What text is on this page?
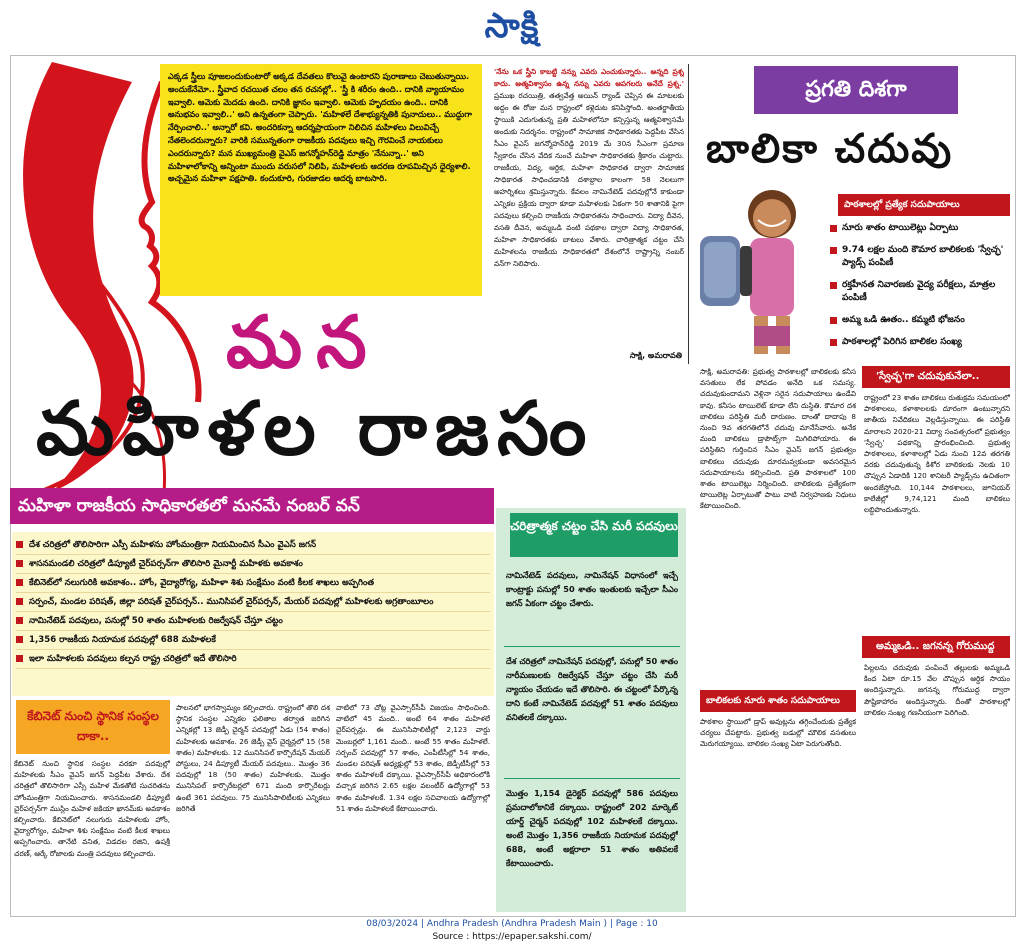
సాక్షి
ఎక్కడ స్త్రీలు పూజలందుకుంటారో అక్కడ దేవతలు కొలువై ఉంటారని పురాణాలు చెబుతున్నాయి. అందుకేనేమో.. స్త్రీవాద రచయిత చలం తన రచనల్లో.. 'స్త్రీ కి శరీరం ఉంది.. దానికి వ్యాయామం ఇవ్వాలి. ఆమెకు మెదడు ఉంది. దానికి జ్ఞానం ఇవ్వాలి. ఆమెకు హృదయం ఉంది.. దానికి అనుభవం ఇవ్వాలి..' అని ఉన్నతంగా చెప్పారు. 'మహిళలే దేశాభ్యున్నతికి పునాదులు.. ముద్దుగా నేర్పించాలి..' అన్నారో కవి. అందరికన్నా ఆదర్శప్రాయంగా నిలిచిన మహిళలు విలువిచ్చే నేతలెందరున్నారు? వారికి సమున్నతంగా రాజకీయ పదవులు ఇచ్చి గౌరవించే నాయకులు ఎందరున్నారు? మన ముఖ్యమంత్రి వైఎస్ జగన్మోహన్‌రెడ్డి మాత్రం 'నేనున్నా..' అని మహిళాలోకాన్ని అన్నింటా ముందు వరుసలో నిలిపి, మహిళలకు ఆదరణ రూపమిచ్చిన ధైర్యశాలి. అచ్చమైన మహిళా పక్షపాతి. కందుకూరి, గురజాడల ఆదర్శ బాటసారి.
'నేను ఒక స్త్రీని కాబట్టి నన్ను ఎవరు ఎంచుకున్నారు.. అన్నది ప్రశ్న కాదు. ఆత్మవిశ్వాసం ఉన్న నన్ను ఎవరు ఆపగలరు అనేదే ప్రశ్న.' ప్రముఖ రచయిత్రి, తత్వవేత్త అయిన్ ర్యాండ్ చెప్పిన ఈ మాటలకు అద్దం ఈ రోజు మన రాష్ట్రంలో కళ్లెదుట కనిపిస్తోంది. అంతర్జాతీయ స్థాయికి ఎదుగుతున్న ప్రతి మహిళలోనూ కన్పిస్తున్న ఆత్మవిశ్వాసమే అందుకు నిదర్శనం. రాష్ట్రంలో సామాజిక సాధికారతకు పెద్దపీట వేసిన సీఎం వైఎస్ జగన్మోహన్‌రెడ్డి 2019 మే 30న సీఎంగా ప్రమాణ స్వీకారం చేసిన వేదిక నుంచే మహిళా సాధికారతకు శ్రీకారం చుట్టారు. రాజకీయ, విద్య, ఆర్థిక, మహిళా సాధికారత ద్వారా సామాజిక సాధికారత సాధించడానికి దశాబ్దాల కాలంగా 58 నెలలుగా అహర్నిశలు శ్రమిస్తున్నారు. కేవలం నామినేటెడ్ పదవుల్లోనే కాకుండా ఎన్నికల ప్రక్రియ ద్వారా కూడా మహిళలకు ఏకంగా 50 శాతానికి పైగా పదవులు కల్పించి రాజకీయ సాధికారతను సాధించారు. విద్యా దీవెన, వసతి దీవెన, అమ్మఒడి వంటి పథకాల ద్వారా విద్యా సాధికారత, మహిళా సాధికారతకు బాటలు వేశారు. చారిత్రాత్మక చట్టం చేసి మహిళలను రాజకీయ సాధికారతలో దేశంలోనే రాష్ట్రాన్ని నంబర్ వన్‌గా నిలిపారు.
సాక్షి, అమరావతి
మన
మహిళల రాజసం
మహిళా రాజకీయ సాధికారతలో మనమే నంబర్ వన్
దేశ చరిత్రలో తొలిసారిగా ఎస్సీ మహిళను హోంమంత్రిగా నియమించిన సీఎం వైఎస్ జగన్
శాసనమండలి చరిత్రలో డిప్యూటీ చైర్‌పర్సన్‌గా తొలిసారి మైనార్టీ మహిళకు అవకాశం
కేబినెట్‌లో నలుగురికి అవకాశం.. హోం, వైద్యారోగ్య, మహిళా శిశు సంక్షేమం వంటి కీలక శాఖలు అప్పగింత
సర్పంచ్, మండల పరిషత్, జిల్లా పరిషత్ చైర్‌పర్సన్.. మునిసిపల్ చైర్‌పర్సన్, మేయర్ పదవుల్లో మహిళలకు అగ్రతాంబూలం
నామినేటెడ్ పదవులు, పనుల్లో 50 శాతం మహిళలకు రిజర్వేషన్ చేస్తూ చట్టం
1,356 రాజకీయ నియామక పదవుల్లో 688 మహిళలకే
ఇలా మహిళలకు పదవులు కల్పన రాష్ట్ర చరిత్రలో ఇదే తొలిసారి
చరిత్రాత్మక చట్టం చేసి మరీ పదవులు
నామినేటెడ్ పదవులు, నామినేషన్ విధానంలో ఇచ్చే కాంట్రాక్టు పనుల్లో 50 శాతం ఇంతులకు ఇచ్చేలా సీఎం జగన్ ఏకంగా చట్టం చేశారు.
దేశ చరిత్రలో నామినేషన్ పదవుల్లో, పనుల్లో 50 శాతం నారీమణులకు రిజర్వేషన్ చేస్తూ చట్టం చేసి మరీ న్యాయం చేయడం ఇదే తొలిసారి. ఈ చట్టంలో పేర్కొన్న దాని కంటే నామినేటెడ్ పదవుల్లో 51 శాతం పదవులు వనితలకే దక్కాయి.
మొత్తం 1,154 డైరెక్టర్ పదవుల్లో 586 పదవులు ప్రమదాలోకానికే దక్కాయి. రాష్ట్రంలో 202 మార్కెట్ యార్డ్ చైర్మన్ పదవుల్లో 102 మహిళలకే దక్కాయి. అంటే మొత్తం 1,356 రాజకీయ నియామక పదవుల్లో 688, అంటే అక్షరాలా 51 శాతం అతివలకే కేటాయించారు.
కేబినెట్ నుంచి స్థానిక సంస్థల దాకా..
కేబినెట్ నుంచి స్థానిక సంస్థల వరకూ పదవుల్లో మహిళలకు సీఎం వైఎస్ జగన్ పెద్దపీట వేశారు. దేశ చరిత్రలో తొలిసారిగా ఎస్సీ మహిళ మేకతోటి సుచరితను హోంమంత్రిగా నియమించారు. శాసనమండలి డిప్యూటీ చైర్‌పర్సన్‌గా ముస్లిం మహిళ జకియా ఖానమ్‌కు అవకాశం కల్పించారు. కేబినెట్‌లో నలుగురు మహిళలకు హోం, వైద్యారోగ్యం, మహిళా శిశు సంక్షేమం వంటి కీలక శాఖలు అప్పగించారు. తానేటి వనిత, విడదల రజిని, ఉషశ్రీ చరణ్, ఆర్కే రోజాలకు మంత్రి పదవులు కల్పించారు.
పాలనలో భాగస్వామ్యం కల్పించారు. రాష్ట్రంలో తొలి దశ స్థానిక సంస్థల ఎన్నికల ఫలితాల తర్వాత జరిగిన ఎన్నికల్లో 13 జెడ్పీ చైర్మన్ పదవుల్లో ఏడు (54 శాతం) మహిళలకు అవకాశం. 26 జెడ్పీ వైస్ చైర్మన్లలో 15 (58 శాతం) మహిళలకు. 12 మునిసిపల్ కార్పొరేషన్ మేయర్ పోస్టులు, 24 డిప్యూటీ మేయర్ పదవులు.. మొత్తం 36 పదవుల్లో 18 (50 శాతం) మహిళలకు. మొత్తం మునిసిపల్ కార్పొరేటర్లలో 671 మంది కార్పొరేటర్లు ఉంటే 361 పదవులు. 75 మునిసిపాలిటీలకు ఎన్నికలు జరిగితే
వాటిలో 73 చోట్ల వైఎస్సార్‌సీపీ విజయం సాధించింది. వాటిలో 45 మంది.. అంటే 64 శాతం మహిళలే చైర్‌పర్సన్లు. ఈ మునిసిపాలిటీల్లో 2,123 వార్డు మెంబర్లలో 1,161 మంది.. అంటే 55 శాతం మహిళలే. సర్పంచ్ పదవుల్లో 57 శాతం, ఎంపీటీసీల్లో 54 శాతం, మండల పరిషత్ అధ్యక్షుల్లో 53 శాతం, జెడ్పీటీసీల్లో 53 శాతం మహిళలకే దక్కాయి. వైఎస్సార్‌సీపీ అధికారంలోకి వచ్చాక జరిగిన 2.65 లక్షల వలంటీర్ ఉద్యోగాల్లో 53 శాతం మహిళలకే. 1.34 లక్షల సచివాలయ ఉద్యోగాల్లో 51 శాతం మహిళలకే కేటాయించారు.
ప్రగతి దిశగా
బాలికా చదువు
పాఠశాలల్లో ప్రత్యేక సదుపాయాలు
నూరు శాతం టాయిలెట్లు ఏర్పాటు
9.74 లక్షల మంది కౌమార బాలికలకు 'స్వేచ్ఛ' ప్యాడ్స్ పంపిణీ
రక్తహీనత నివారణకు వైద్య పరీక్షలు, మాత్రల పంపిణీ
అమ్మ ఒడి ఊతం.. కమ్మటి భోజనం
పాఠశాలల్లో పెరిగిన బాలికల సంఖ్య
సాక్షి, అమరావతి: ప్రభుత్వ పాఠశాలల్లో బాలికలకు కనీస వసతులు లేక పోవడం అనేది ఒక సమస్య. చదువుకుందామని వెళ్లినా సరైన సదుపాయాలు ఉండేవి కావు. కనీసం టాయిలెట్ కూడా లేని దుస్థితి. కౌమార దశ బాలికలు పరిస్థితి మరీ దారుణం. దాంతో దాదాపు 8 నుంచి 9వ తరగతిలోనే చదువు మానేసేవారు. అనేక మంది బాలికలు డ్రాపౌట్స్‌గా మిగిలిపోయారు. ఈ పరిస్థితిని గుర్తించిన సీఎం వైఎస్ జగన్ ప్రభుత్వం బాలికలు చదువుకు దూరమవ్వకుండా అవసరమైన సదుపాయాలను కల్పించింది. ప్రతి పాఠశాలలో 100 శాతం టాయిలెట్లు నిర్మించింది. బాలికలకు ప్రత్యేకంగా టాయిలెట్ల ఏర్పాటుతో పాటు వాటి నిర్వహణకు నిధులు కేటాయించింది.
బాలికలకు నూరు శాతం సదుపాయాలు
పాఠశాల స్థాయిలో డ్రాప్ అవుట్లను తగ్గించేందుకు ప్రత్యేక చర్యలు చేపట్టారు. ప్రభుత్వ బడుల్లో మౌలిక వసతులు మెరుగయ్యాయి. బాలికల సంఖ్య ఏటా పెరుగుతోంది.
'స్వేచ్ఛ'గా చదువుకునేలా..
రాష్ట్రంలో 23 శాతం బాలికలు రుతుక్రమ సమయంలో పాఠశాలలు, కళాశాలలకు దూరంగా ఉంటున్నారని జాతీయ నివేదికలు వెల్లడిస్తున్నాయి. ఈ పరిస్థితి మారాలని 2020-21 విద్యా సంవత్సరంలో ప్రభుత్వం 'స్వేచ్ఛ' పథకాన్ని ప్రారంభించింది. ప్రభుత్వ పాఠశాలలు, కళాశాలల్లో ఏడు నుంచి 12వ తరగతి వరకు చదువుతున్న కిశోర బాలికలకు నెలకు 10 చొప్పున ఏడాదికి 120 శానిటరీ ప్యాడ్స్‌ను ఉచితంగా అందజేస్తోంది. 10,144 పాఠశాలలు, జూనియర్ కాలేజీల్లో 9,74,121 మంది బాలికలు లబ్ధిపొందుతున్నారు.
అమ్మఒడి.. జగనన్న గోరుముద్ద
పిల్లలను చదువుకు పంపించే తల్లులకు అమ్మఒడి కింద ఏటా రూ.15 వేల చొప్పున ఆర్థిక సాయం అందిస్తున్నారు. జగనన్న గోరుముద్ద ద్వారా పౌష్టికాహారం అందిస్తున్నారు. దీంతో పాఠశాలల్లో బాలికల సంఖ్య గణనీయంగా పెరిగింది.
08/03/2024 | Andhra Pradesh (Andhra Pradesh Main ) | Page : 10
Source : https://epaper.sakshi.com/
